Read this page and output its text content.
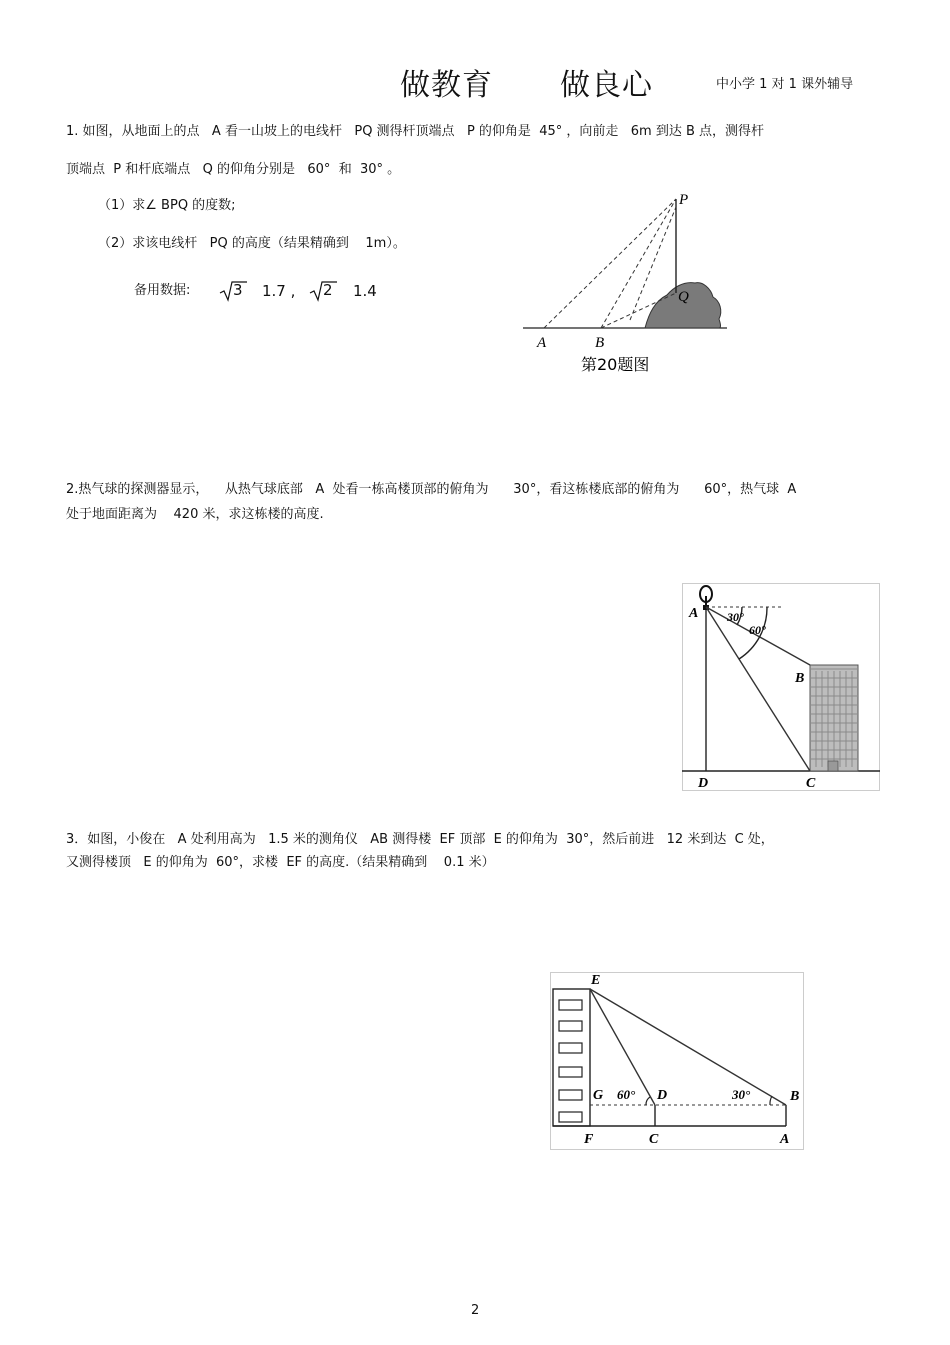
做教育 做良心	中小学 1 对 1 课外辅导
1. 如图，从地面上的点   A 看一山坡上的电线杆   PQ 测得杆顶端点   P 的仰角是  45° ，向前走   6m 到达 B 点，测得杆
顶端点  P 和杆底端点   Q 的仰角分别是   60°  和  30° 。
（1）求∠ BPQ 的度数;
（2）求该电线杆   PQ 的高度（结果精确到    1m）。
备用数据:	3 1.7 , 2 1.4
P
Q
A	B
第20题图
2.热气球的探测器显示，    从热气球底部   A  处看一栋高楼顶部的俯角为      30°，看这栋楼底部的俯角为      60°，热气球  A
处于地面距离为    420 米，求这栋楼的高度.
30°
60°
A
B
C
D
3．如图，小俊在   A 处利用高为   1.5 米的测角仪   AB 测得楼  EF 顶部  E 的仰角为  30°，然后前进   12 米到达  C 处，
又测得楼顶   E 的仰角为  60°，求楼  EF 的高度.（结果精确到    0.1 米）
E
G 60° D	30°	B
F	C	A
2
